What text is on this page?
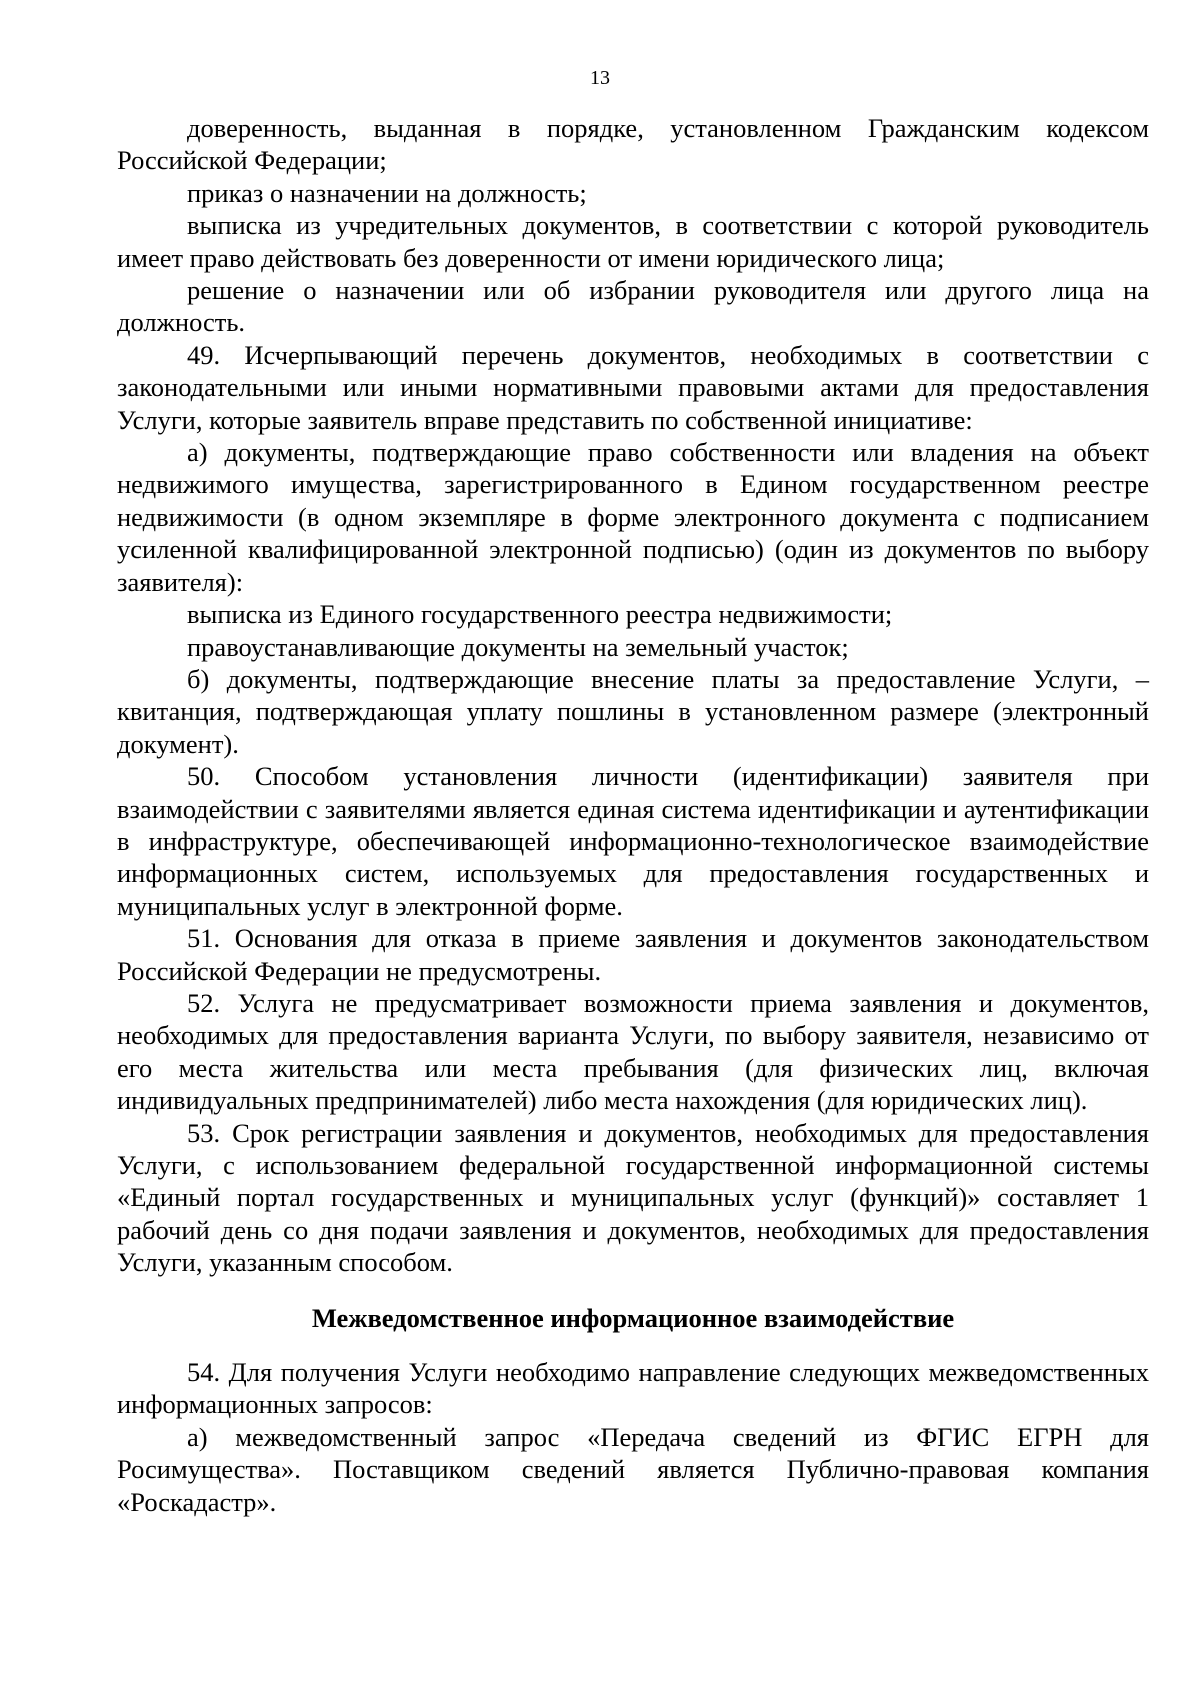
13

доверенность, выданная в порядке, установленном Гражданским кодексом Российской Федерации;

приказ о назначении на должность;

выписка из учредительных документов, в соответствии с которой руководитель имеет право действовать без доверенности от имени юридического лица;

решение о назначении или об избрании руководителя или другого лица на должность.

49. Исчерпывающий перечень документов, необходимых в соответствии с законодательными или иными нормативными правовыми актами для предоставления Услуги, которые заявитель вправе представить по собственной инициативе:

а) документы, подтверждающие право собственности или владения на объект недвижимого имущества, зарегистрированного в Едином государственном реестре недвижимости (в одном экземпляре в форме электронного документа с подписанием усиленной квалифицированной электронной подписью) (один из документов по выбору заявителя):

выписка из Единого государственного реестра недвижимости;

правоустанавливающие документы на земельный участок;

б) документы, подтверждающие внесение платы за предоставление Услуги, – квитанция, подтверждающая уплату пошлины в установленном размере (электронный документ).

50. Способом установления личности (идентификации) заявителя при взаимодействии с заявителями является единая система идентификации и аутентификации в инфраструктуре, обеспечивающей информационно-технологическое взаимодействие информационных систем, используемых для предоставления государственных и муниципальных услуг в электронной форме.

51. Основания для отказа в приеме заявления и документов законодательством Российской Федерации не предусмотрены.

52. Услуга не предусматривает возможности приема заявления и документов, необходимых для предоставления варианта Услуги, по выбору заявителя, независимо от его места жительства или места пребывания (для физических лиц, включая индивидуальных предпринимателей) либо места нахождения (для юридических лиц).

53. Срок регистрации заявления и документов, необходимых для предоставления Услуги, с использованием федеральной государственной информационной системы «Единый портал государственных и муниципальных услуг (функций)» составляет 1 рабочий день со дня подачи заявления и документов, необходимых для предоставления Услуги, указанным способом.

Межведомственное информационное взаимодействие

54. Для получения Услуги необходимо направление следующих межведомственных информационных запросов:

а) межведомственный запрос «Передача сведений из ФГИС ЕГРН для Росимущества». Поставщиком сведений является Публично-правовая компания «Роскадастр».
